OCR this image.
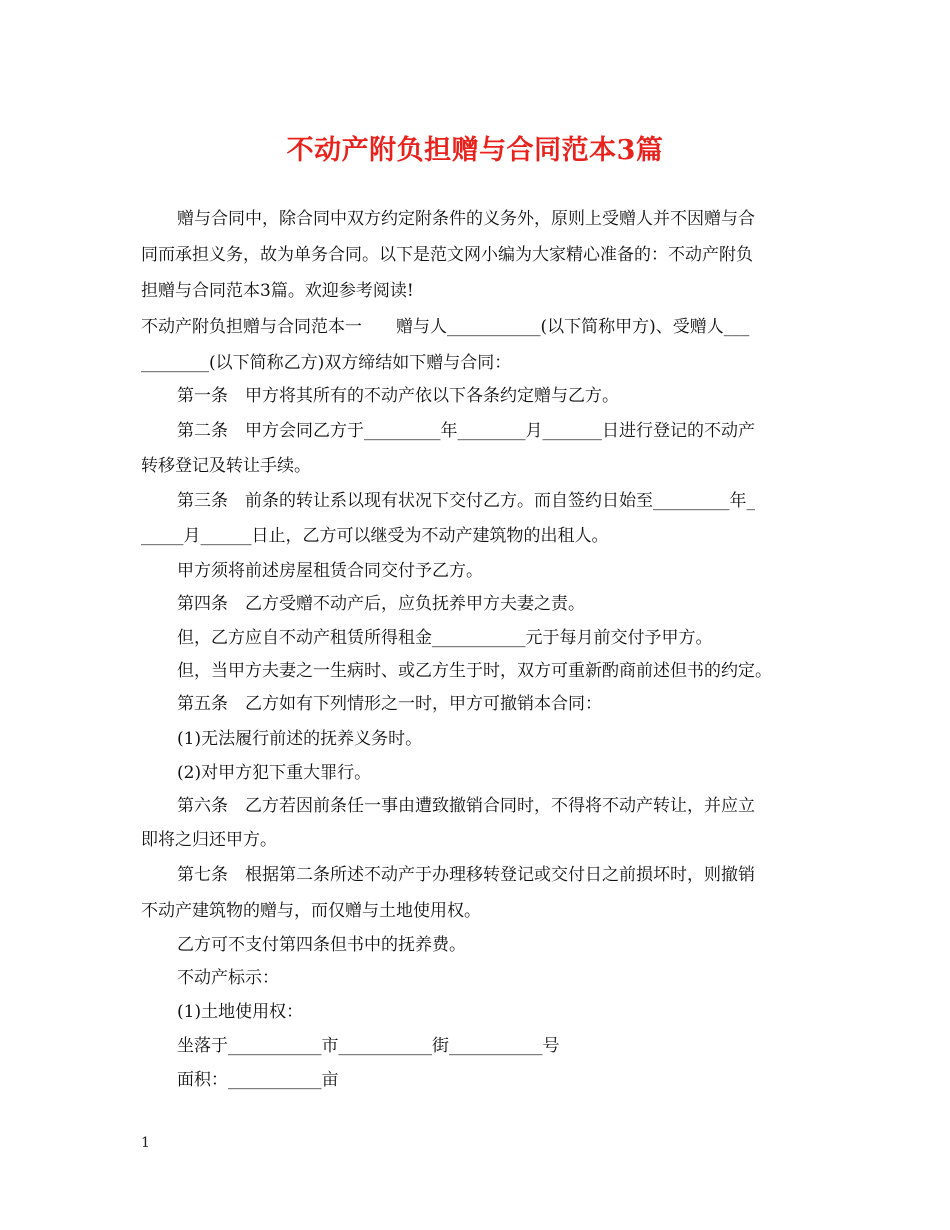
不动产附负担赠与合同范本3篇
赠与合同中，除合同中双方约定附条件的义务外，原则上受赠人并不因赠与合
同而承担义务，故为单务合同。以下是范文网小编为大家精心准备的：不动产附负
担赠与合同范本3篇。欢迎参考阅读!
不动产附负担赠与合同范本一　　赠与人___________(以下简称甲方)、受赠人___
________(以下简称乙方)双方缔结如下赠与合同：
第一条　甲方将其所有的不动产依以下各条约定赠与乙方。
第二条　甲方会同乙方于_________年________月_______日进行登记的不动产
转移登记及转让手续。
第三条　前条的转让系以现有状况下交付乙方。而自签约日始至_________年_
_____月______日止，乙方可以继受为不动产建筑物的出租人。
甲方须将前述房屋租赁合同交付予乙方。
第四条　乙方受赠不动产后，应负抚养甲方夫妻之责。
但，乙方应自不动产租赁所得租金___________元于每月前交付予甲方。
但，当甲方夫妻之一生病时、或乙方生于时，双方可重新酌商前述但书的约定。
第五条　乙方如有下列情形之一时，甲方可撤销本合同：
(1)无法履行前述的抚养义务时。
(2)对甲方犯下重大罪行。
第六条　乙方若因前条任一事由遭致撤销合同时，不得将不动产转让，并应立
即将之归还甲方。
第七条　根据第二条所述不动产于办理移转登记或交付日之前损坏时，则撤销
不动产建筑物的赠与，而仅赠与土地使用权。
乙方可不支付第四条但书中的抚养费。
不动产标示：
(1)土地使用权：
坐落于___________市___________街___________号
面积：___________亩
1
